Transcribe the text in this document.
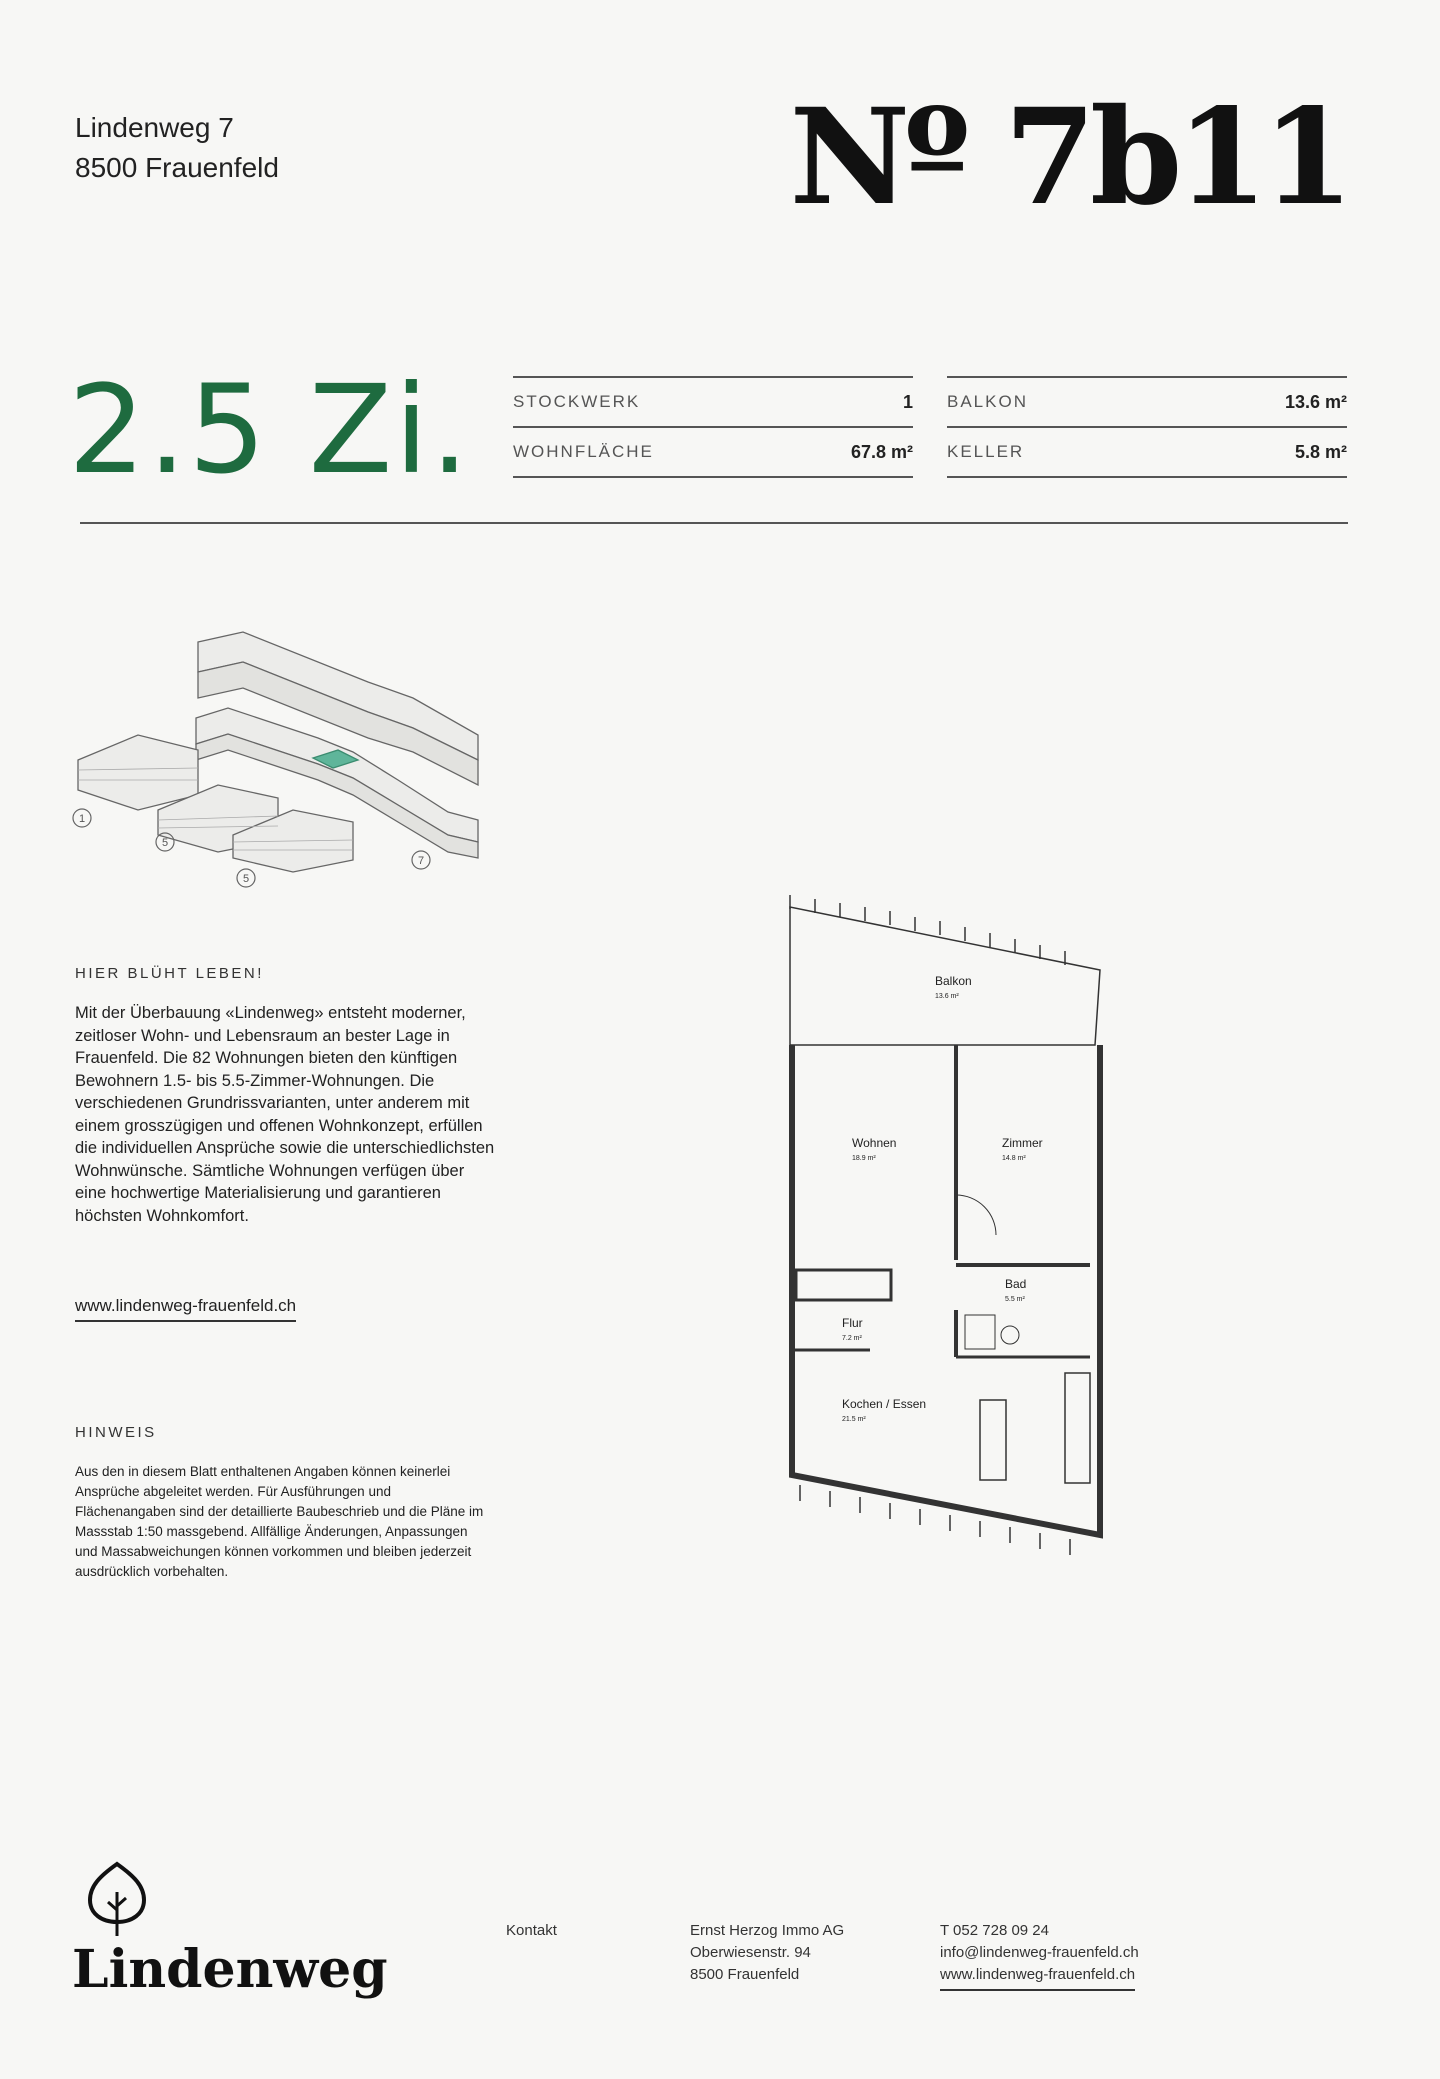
Lindenweg 7
8500 Frauenfeld	Nº 7b11
2.5 Zi. STOCKWERK	1
WOHNFLÄCHE	67.8 m²
BALKON	13.6 m²
KELLER	5.8 m²
1
5
5
7
HIER BLÜHT LEBEN!
Mit der Überbauung «Lindenweg» entsteht moderner, zeitloser Wohn- und Lebensraum an bester Lage in Frauenfeld. Die 82 Wohnungen bieten den künftigen Bewohnern 1.5- bis 5.5-Zimmer-Wohnungen. Die verschiedenen Grundrissvarianten, unter anderem mit einem grosszügigen und offenen Wohnkonzept, erfüllen die individuellen Ansprüche sowie die unterschiedlichsten Wohnwünsche. Sämtliche Wohnungen verfügen über eine hochwertige Materialisierung und garantieren höchsten Wohnkomfort.
www.lindenweg-frauenfeld.ch
HINWEIS
Aus den in diesem Blatt enthaltenen Angaben können keinerlei Ansprüche abgeleitet werden. Für Ausführungen und Flächenangaben sind der detaillierte Baubeschrieb und die Pläne im Massstab 1:50 massgebend. Allfällige Änderungen, Anpassungen und Massabweichungen können vorkommen und bleiben jederzeit ausdrücklich vorbehalten.
Balkon
13.6 m²
Wohnen
18.9 m²
Zimmer
14.8 m²
Bad
5.5 m²
Flur
7.2 m²
Kochen / Essen
21.5 m²
Lindenweg
Kontakt	Ernst Herzog Immo AG
Oberwiesenstr. 94
8500 Frauenfeld
T 052 728 09 24
info@lindenweg-frauenfeld.ch
www.lindenweg-frauenfeld.ch
